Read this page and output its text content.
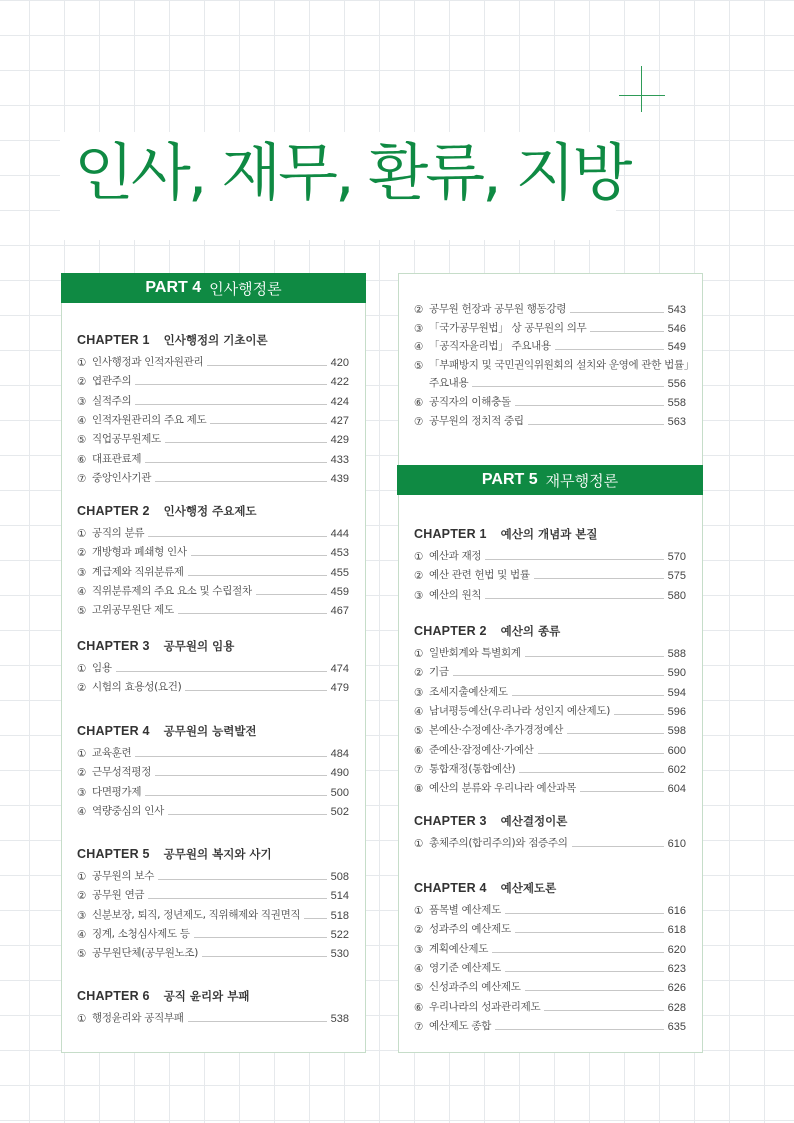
인사, 재무, 환류, 지방
PART 4 인사행정론
PART 5 재무행정론
CHAPTER 1 인사행정의 기초이론
① 인사행정과 인적자원관리	420
② 엽관주의	422
③ 실적주의	424
④ 인적자원관리의 주요 제도	427
⑤ 직업공무원제도	429
⑥ 대표관료제	433
⑦ 중앙인사기관	439
CHAPTER 2 인사행정 주요제도
① 공직의 분류	444
② 개방형과 폐쇄형 인사	453
③ 계급제와 직위분류제	455
④ 직위분류제의 주요 요소 및 수립절차	459
⑤ 고위공무원단 제도	467
CHAPTER 3 공무원의 임용
① 임용	474
② 시험의 효용성(요건)	479
CHAPTER 4 공무원의 능력발전
① 교육훈련	484
② 근무성적평정	490
③ 다면평가제	500
④ 역량중심의 인사	502
CHAPTER 5 공무원의 복지와 사기
① 공무원의 보수	508
② 공무원 연금	514
③ 신분보장, 퇴직, 정년제도, 직위해제와 직권면직	518
④ 징계, 소청심사제도 등	522
⑤ 공무원단체(공무원노조)	530
CHAPTER 6 공직 윤리와 부패
① 행정윤리와 공직부패	538
② 공무원 헌장과 공무원 행동강령	543
③ 「국가공무원법」 상 공무원의 의무	546
④ 「공직자윤리법」 주요내용	549
⑤ 「부패방지 및 국민권익위원회의 설치와 운영에 관한 법률」
주요내용	556
⑥ 공직자의 이해충돌	558
⑦ 공무원의 정치적 중립	563
CHAPTER 1 예산의 개념과 본질
① 예산과 재정	570
② 예산 관련 헌법 및 법률	575
③ 예산의 원칙	580
CHAPTER 2 예산의 종류
① 일반회계와 특별회계	588
② 기금	590
③ 조세지출예산제도	594
④ 남녀평등예산(우리나라 성인지 예산제도)	596
⑤ 본예산·수정예산·추가경정예산	598
⑥ 준예산·잠정예산·가예산	600
⑦ 통합재정(통합예산)	602
⑧ 예산의 분류와 우리나라 예산과목	604
CHAPTER 3 예산결정이론
① 총체주의(합리주의)와 점증주의	610
CHAPTER 4 예산제도론
① 품목별 예산제도	616
② 성과주의 예산제도	618
③ 계획예산제도	620
④ 영기준 예산제도	623
⑤ 신성과주의 예산제도	626
⑥ 우리나라의 성과관리제도	628
⑦ 예산제도 종합	635
